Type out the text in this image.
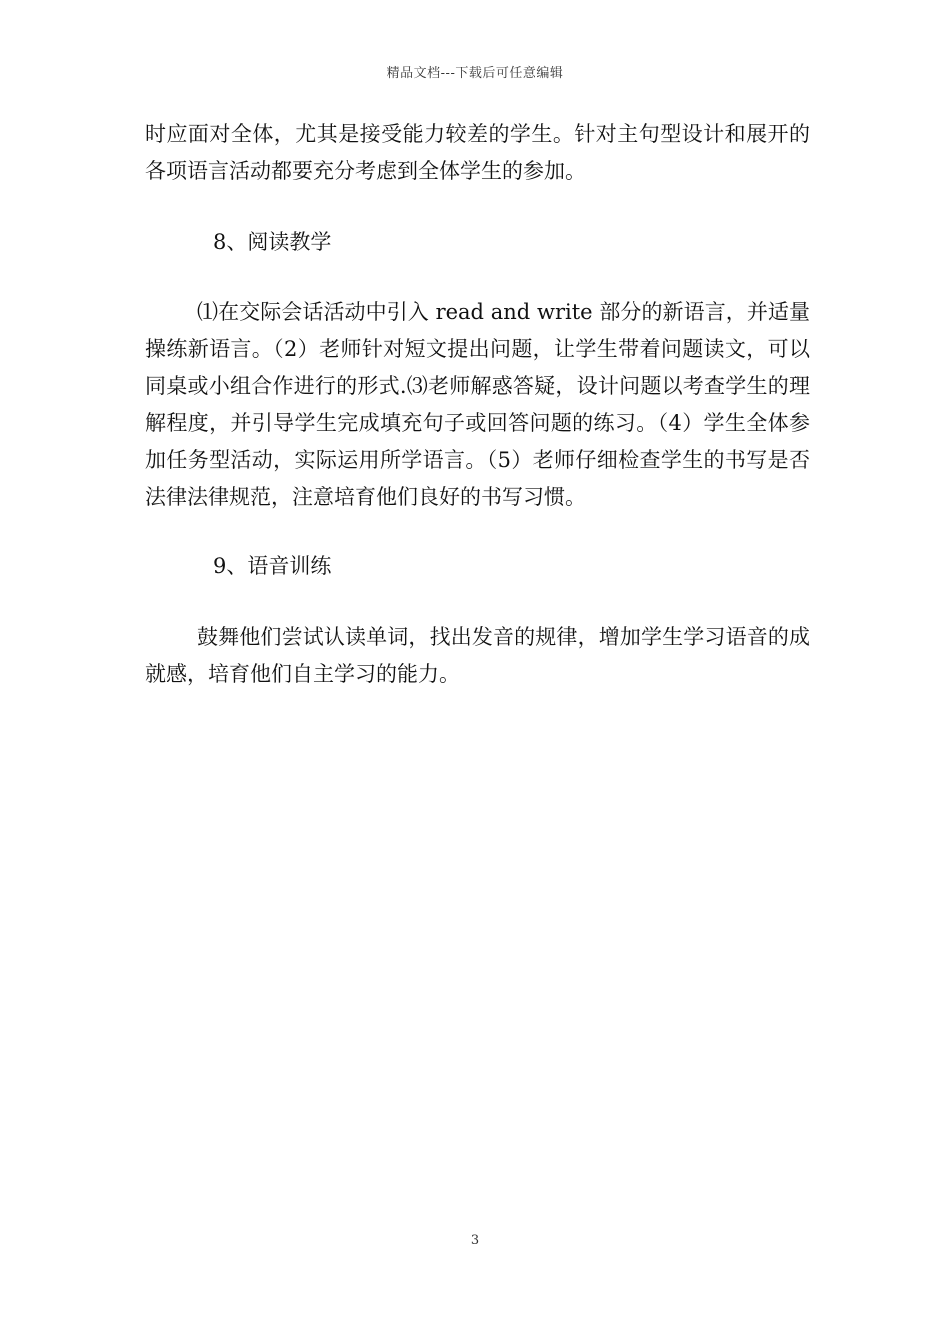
精品文档---下载后可任意编辑

时应面对全体，尤其是接受能力较差的学生。针对主句型设计和展开的各项语言活动都要充分考虑到全体学生的参加。

8、阅读教学

⑴在交际会话活动中引入 read and write 部分的新语言，并适量操练新语言。（2）老师针对短文提出问题，让学生带着问题读文，可以同桌或小组合作进行的形式.⑶老师解惑答疑，设计问题以考查学生的理解程度，并引导学生完成填充句子或回答问题的练习。（4）学生全体参加任务型活动，实际运用所学语言。（5）老师仔细检查学生的书写是否法律法律规范，注意培育他们良好的书写习惯。

9、语音训练

鼓舞他们尝试认读单词，找出发音的规律，增加学生学习语音的成就感，培育他们自主学习的能力。

3
